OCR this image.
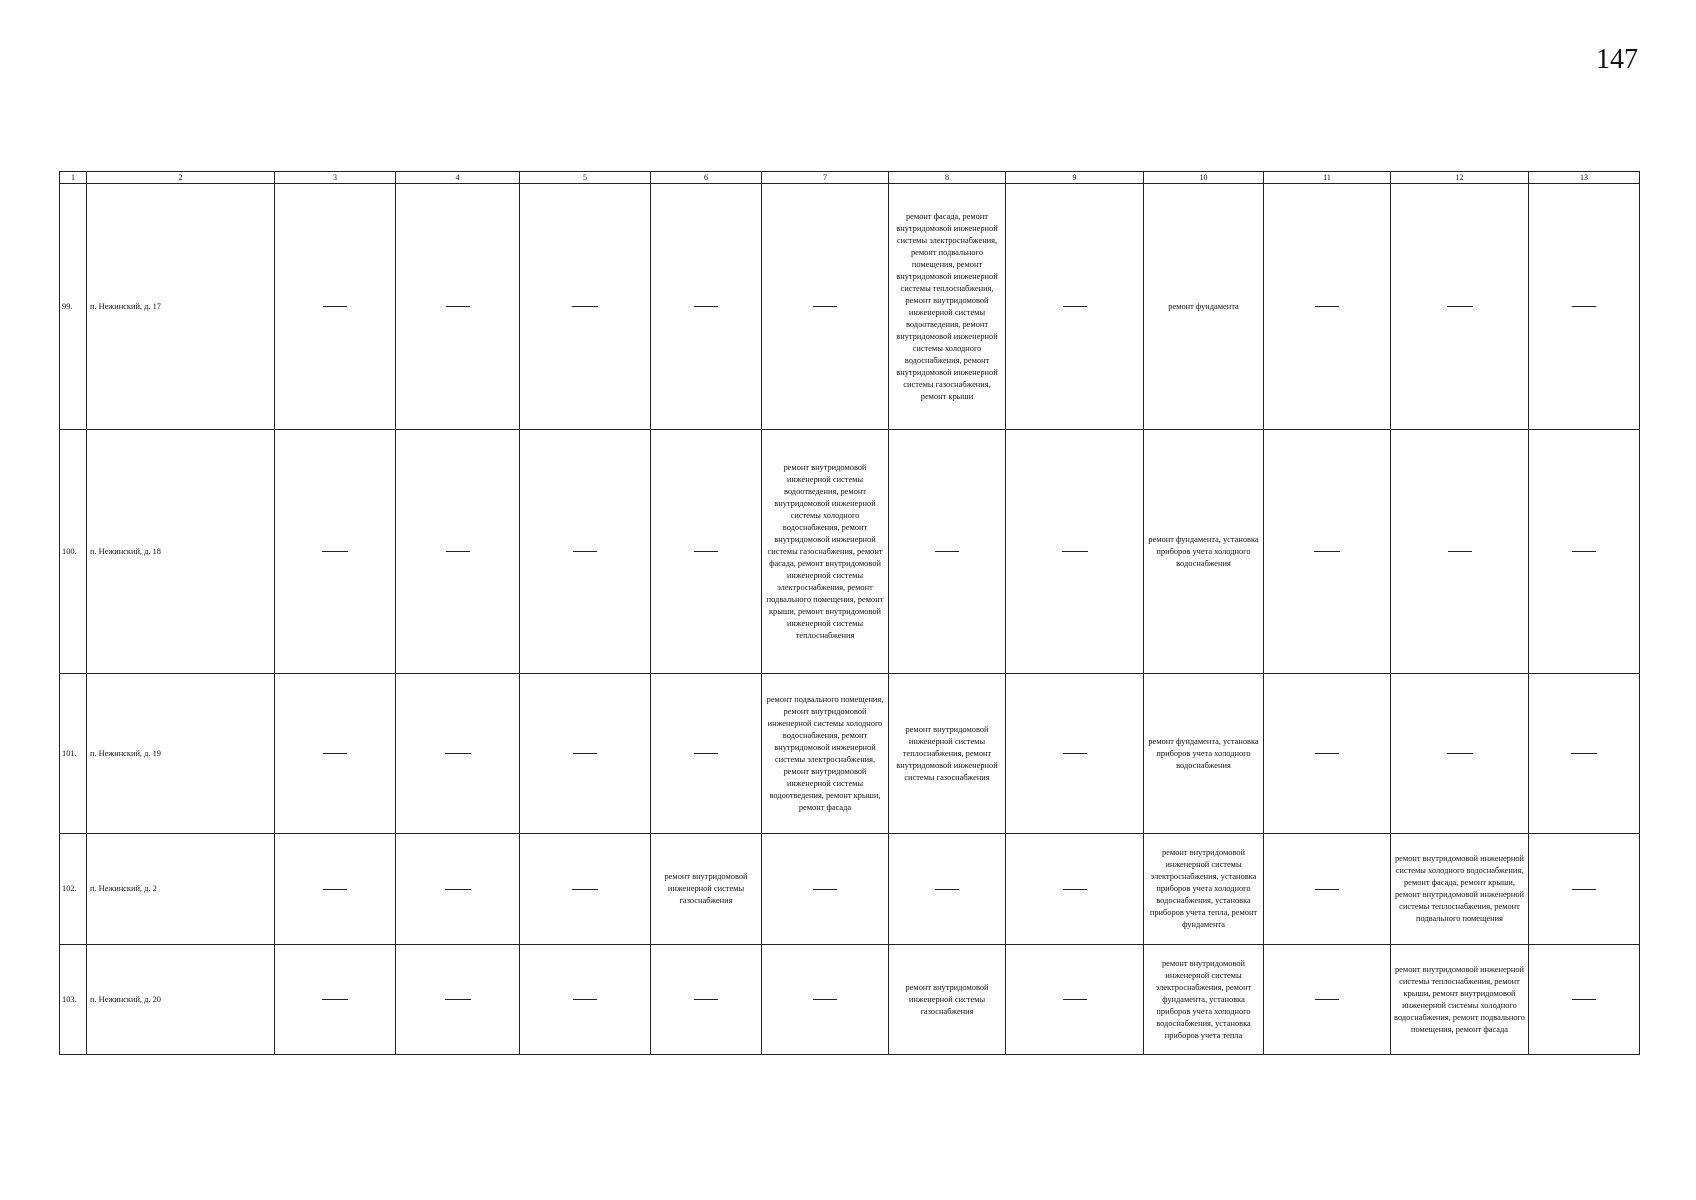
147
1	2	3	4	5	6	7	8	9	10	11	12	13
99.	п. Нежинский, д. 17						ремонт фасада, ремонт внутридомовой инженерной системы электроснабжения, ремонт подвального помещения, ремонт внутридомовой инженерной системы теплоснабжения, ремонт внутридомовой инженерной системы водоотведения, ремонт внутридомовой инженерной системы холодного водоснабжения, ремонт внутридомовой инженерной системы газоснабжения, ремонт крыши		ремонт фундамента			
100.	п. Нежинский, д. 18					ремонт внутридомовой инженерной системы водоотведения, ремонт внутридомовой инженерной системы холодного водоснабжения, ремонт внутридомовой инженерной системы газоснабжения, ремонт фасада, ремонт внутридомовой инженерной системы электроснабжения, ремонт подвального помещения, ремонт крыши, ремонт внутридомовой инженерной системы теплоснабжения			ремонт фундамента, установка приборов учета холодного водоснабжения			
101.	п. Нежинский, д. 19					ремонт подвального помещения, ремонт внутридомовой инженерной системы холодного водоснабжения, ремонт внутридомовой инженерной системы электроснабжения, ремонт внутридомовой инженерной системы водоотведения, ремонт крыши, ремонт фасада	ремонт внутридомовой инженерной системы теплоснабжения, ремонт внутридомовой инженерной системы газоснабжения		ремонт фундамента, установка приборов учета холодного водоснабжения			
102.	п. Нежинский, д. 2				ремонт внутридомовой инженерной системы газоснабжения				ремонт внутридомовой инженерной системы электроснабжения, установка приборов учета холодного водоснабжения, установка приборов учета тепла, ремонт фундамента		ремонт внутридомовой инженерной системы холодного водоснабжения, ремонт фасада, ремонт крыши, ремонт внутридомовой инженерной системы теплоснабжения, ремонт подвального помещения	
103.	п. Нежинский, д. 20						ремонт внутридомовой инженерной системы газоснабжения		ремонт внутридомовой инженерной системы электроснабжения, ремонт фундамента, установка приборов учета холодного водоснабжения, установка приборов учета тепла		ремонт внутридомовой инженерной системы теплоснабжения, ремонт крыши, ремонт внутридомовой инженерной системы холодного водоснабжения, ремонт подвального помещения, ремонт фасада	
